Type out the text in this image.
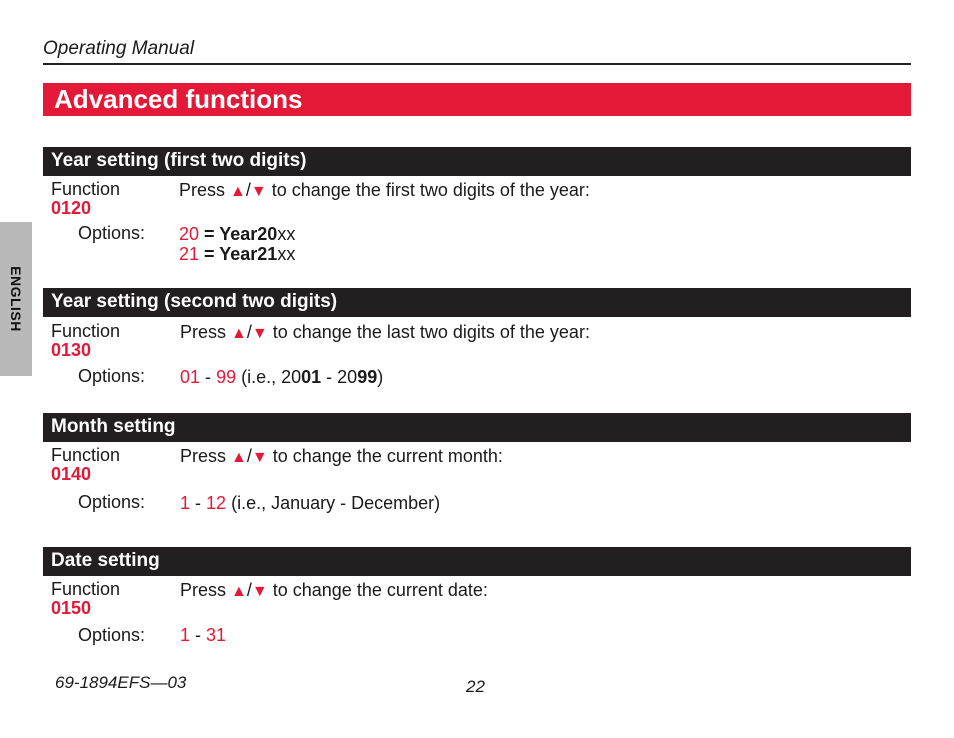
Operating Manual
Advanced functions
ENGLISH
Year setting (first two digits)
Function
0120
Press ▲/▼ to change the first two digits of the year:
Options: 20 = Year20xx
21 = Year21xx
Year setting (second two digits)
Function
0130
Press ▲/▼ to change the last two digits of the year:
Options: 01 - 99 (i.e., 2001 - 2099)
Month setting
Function
0140
Press ▲/▼ to change the current month:
Options: 1 - 12 (i.e., January - December)
Date setting
Function
0150
Press ▲/▼ to change the current date:
Options: 1 - 31
69-1894EFS—03	22
